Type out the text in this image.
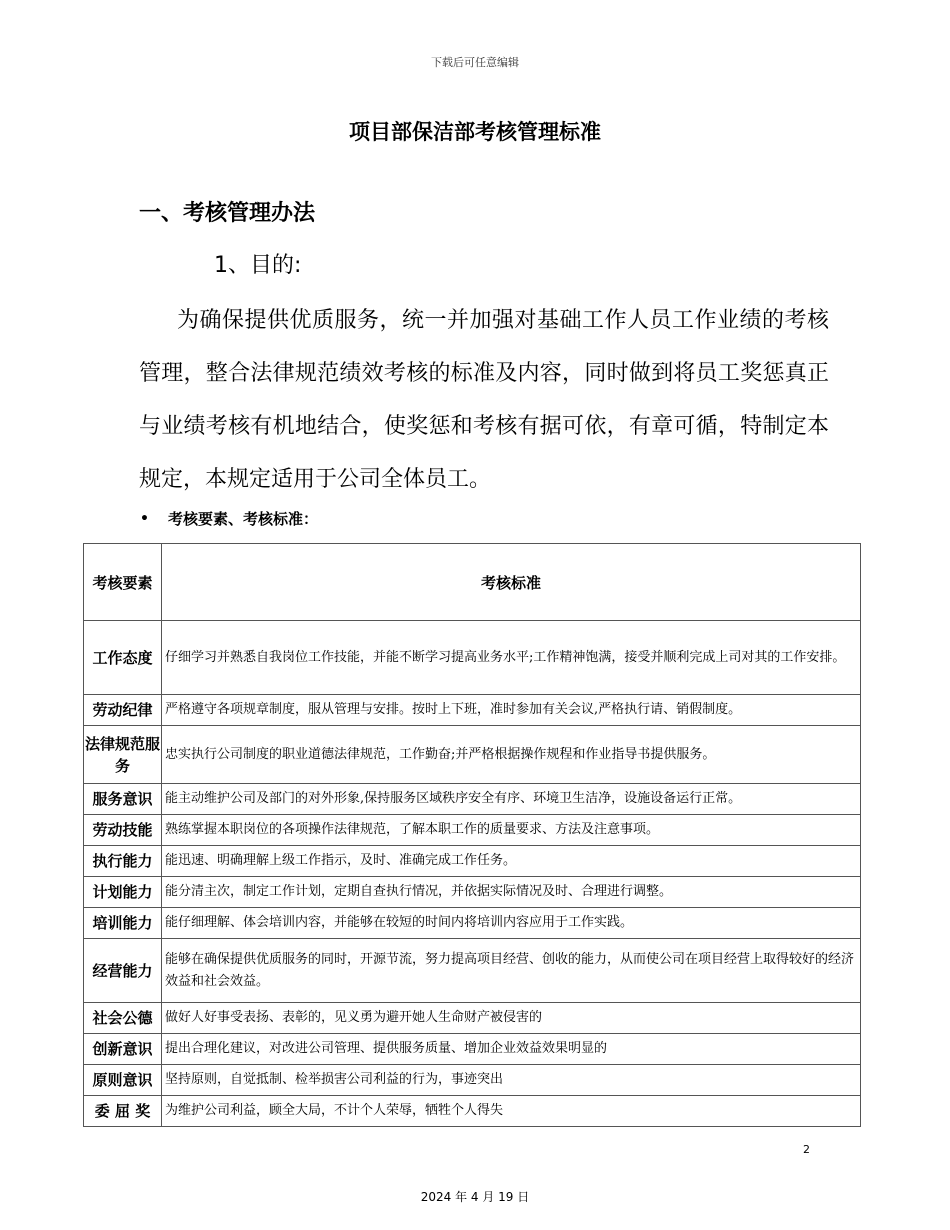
下载后可任意编辑
项目部保洁部考核管理标准
一、考核管理办法
1、目的:

为确保提供优质服务，统一并加强对基础工作人员工作业绩的考核管理，整合法律规范绩效考核的标准及内容，同时做到将员工奖惩真正与业绩考核有机地结合，使奖惩和考核有据可依，有章可循，特制定本规定，本规定适用于公司全体员工。

•	考核要素、考核标准：
考核要素	考核标准
工作态度	仔细学习并熟悉自我岗位工作技能，并能不断学习提高业务水平;工作精神饱满，接受并顺利完成上司对其的工作安排。
劳动纪律	严格遵守各项规章制度，服从管理与安排。按时上下班，准时参加有关会议,严格执行请、销假制度。
法律规范服务	忠实执行公司制度的职业道德法律规范，工作勤奋;并严格根据操作规程和作业指导书提供服务。
服务意识	能主动维护公司及部门的对外形象,保持服务区域秩序安全有序、环境卫生洁净，设施设备运行正常。
劳动技能	熟练掌握本职岗位的各项操作法律规范，了解本职工作的质量要求、方法及注意事项。
执行能力	能迅速、明确理解上级工作指示，及时、准确完成工作任务。
计划能力	能分清主次，制定工作计划，定期自查执行情况，并依据实际情况及时、合理进行调整。
培训能力	能仔细理解、体会培训内容，并能够在较短的时间内将培训内容应用于工作实践。
经营能力	能够在确保提供优质服务的同时，开源节流，努力提高项目经营、创收的能力，从而使公司在项目经营上取得较好的经济效益和社会效益。
社会公德	做好人好事受表扬、表彰的，见义勇为避开她人生命财产被侵害的
创新意识	提出合理化建议，对改进公司管理、提供服务质量、增加企业效益效果明显的
原则意识	坚持原则，自觉抵制、检举损害公司利益的行为，事迹突出
委 屈 奖	为维护公司利益，顾全大局，不计个人荣辱，牺牲个人得失
2
2024 年 4 月 19 日
